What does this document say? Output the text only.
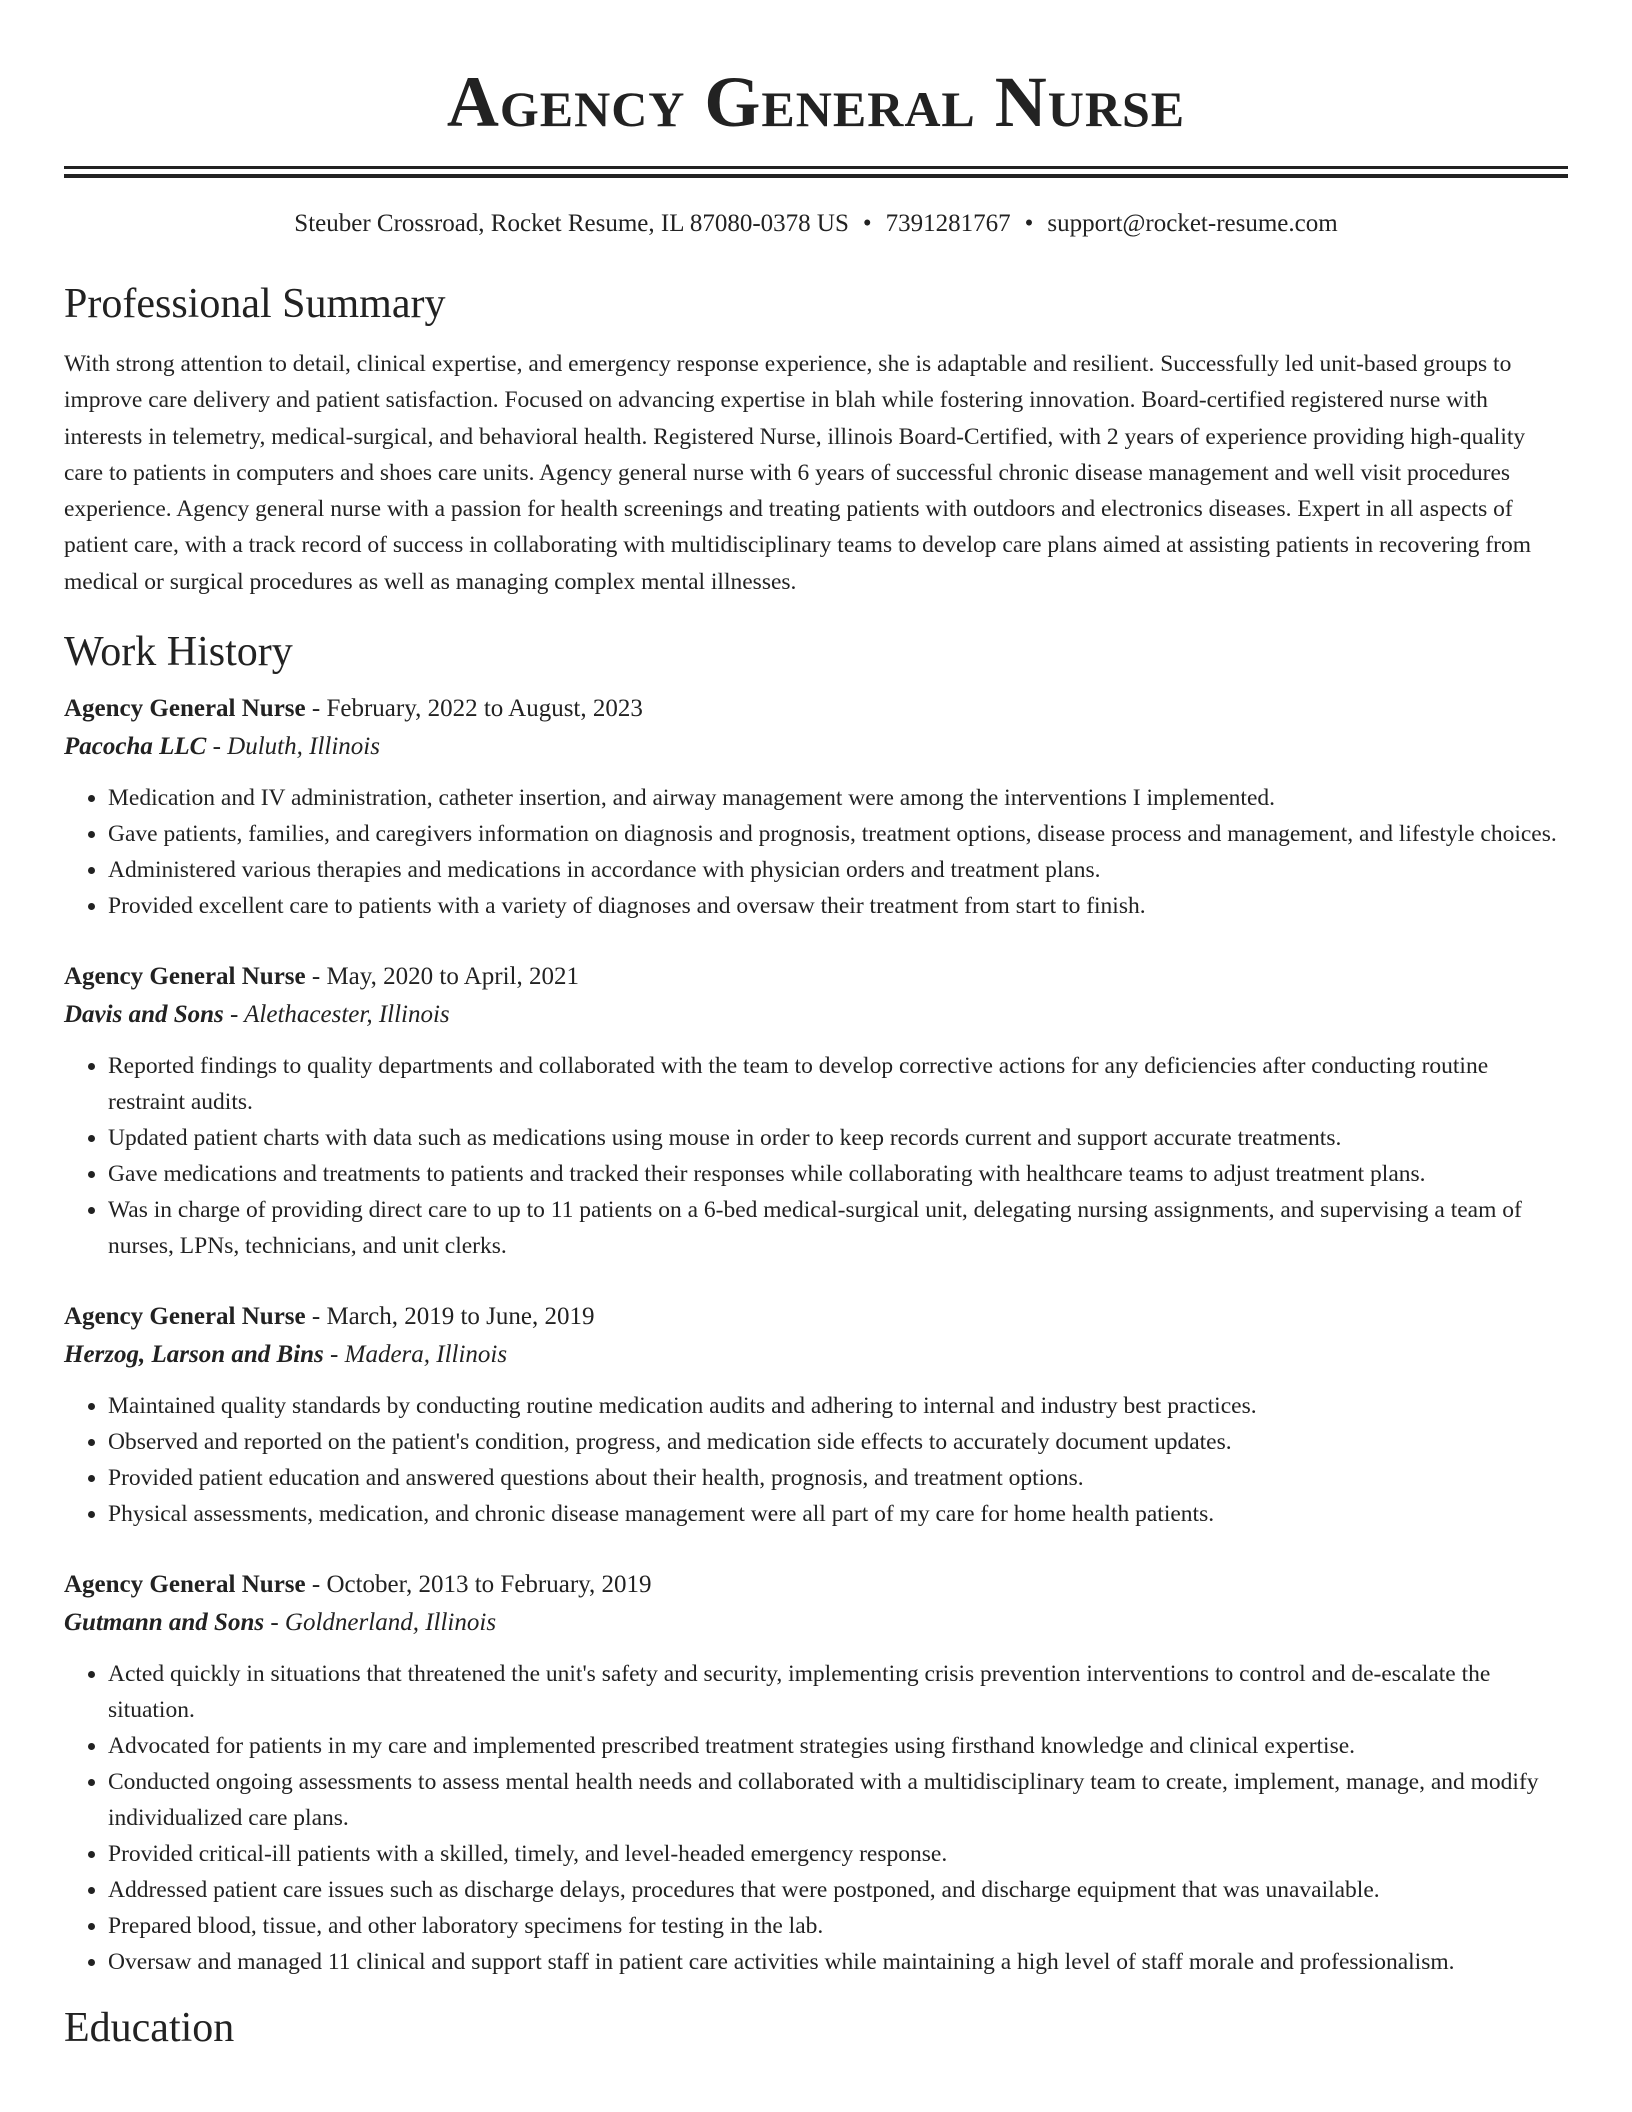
Agency General Nurse
Steuber Crossroad, Rocket Resume, IL 87080-0378 US • 7391281767 • support@rocket-resume.com
Professional Summary

With strong attention to detail, clinical expertise, and emergency response experience, she is adaptable and resilient. Successfully led unit-based groups to improve care delivery and patient satisfaction. Focused on advancing expertise in blah while fostering innovation. Board-certified registered nurse with interests in telemetry, medical-surgical, and behavioral health. Registered Nurse, illinois Board-Certified, with 2 years of experience providing high-quality care to patients in computers and shoes care units. Agency general nurse with 6 years of successful chronic disease management and well visit procedures experience. Agency general nurse with a passion for health screenings and treating patients with outdoors and electronics diseases. Expert in all aspects of patient care, with a track record of success in collaborating with multidisciplinary teams to develop care plans aimed at assisting patients in recovering from medical or surgical procedures as well as managing complex mental illnesses.

Work History
Agency General Nurse - February, 2022 to August, 2023
Pacocha LLC - Duluth, Illinois
• Medication and IV administration, catheter insertion, and airway management were among the interventions I implemented.
• Gave patients, families, and caregivers information on diagnosis and prognosis, treatment options, disease process and management, and lifestyle choices.
• Administered various therapies and medications in accordance with physician orders and treatment plans.
• Provided excellent care to patients with a variety of diagnoses and oversaw their treatment from start to finish.
Agency General Nurse - May, 2020 to April, 2021
Davis and Sons - Alethacester, Illinois
• Reported findings to quality departments and collaborated with the team to develop corrective actions for any deficiencies after conducting routine restraint audits.
• Updated patient charts with data such as medications using mouse in order to keep records current and support accurate treatments.
• Gave medications and treatments to patients and tracked their responses while collaborating with healthcare teams to adjust treatment plans.
• Was in charge of providing direct care to up to 11 patients on a 6-bed medical-surgical unit, delegating nursing assignments, and supervising a team of nurses, LPNs, technicians, and unit clerks.
Agency General Nurse - March, 2019 to June, 2019
Herzog, Larson and Bins - Madera, Illinois
• Maintained quality standards by conducting routine medication audits and adhering to internal and industry best practices.
• Observed and reported on the patient's condition, progress, and medication side effects to accurately document updates.
• Provided patient education and answered questions about their health, prognosis, and treatment options.
• Physical assessments, medication, and chronic disease management were all part of my care for home health patients.
Agency General Nurse - October, 2013 to February, 2019
Gutmann and Sons - Goldnerland, Illinois
• Acted quickly in situations that threatened the unit's safety and security, implementing crisis prevention interventions to control and de-escalate the situation.
• Advocated for patients in my care and implemented prescribed treatment strategies using firsthand knowledge and clinical expertise.
• Conducted ongoing assessments to assess mental health needs and collaborated with a multidisciplinary team to create, implement, manage, and modify individualized care plans.
• Provided critical-ill patients with a skilled, timely, and level-headed emergency response.
• Addressed patient care issues such as discharge delays, procedures that were postponed, and discharge equipment that was unavailable.
• Prepared blood, tissue, and other laboratory specimens for testing in the lab.
• Oversaw and managed 11 clinical and support staff in patient care activities while maintaining a high level of staff morale and professionalism.
Education
